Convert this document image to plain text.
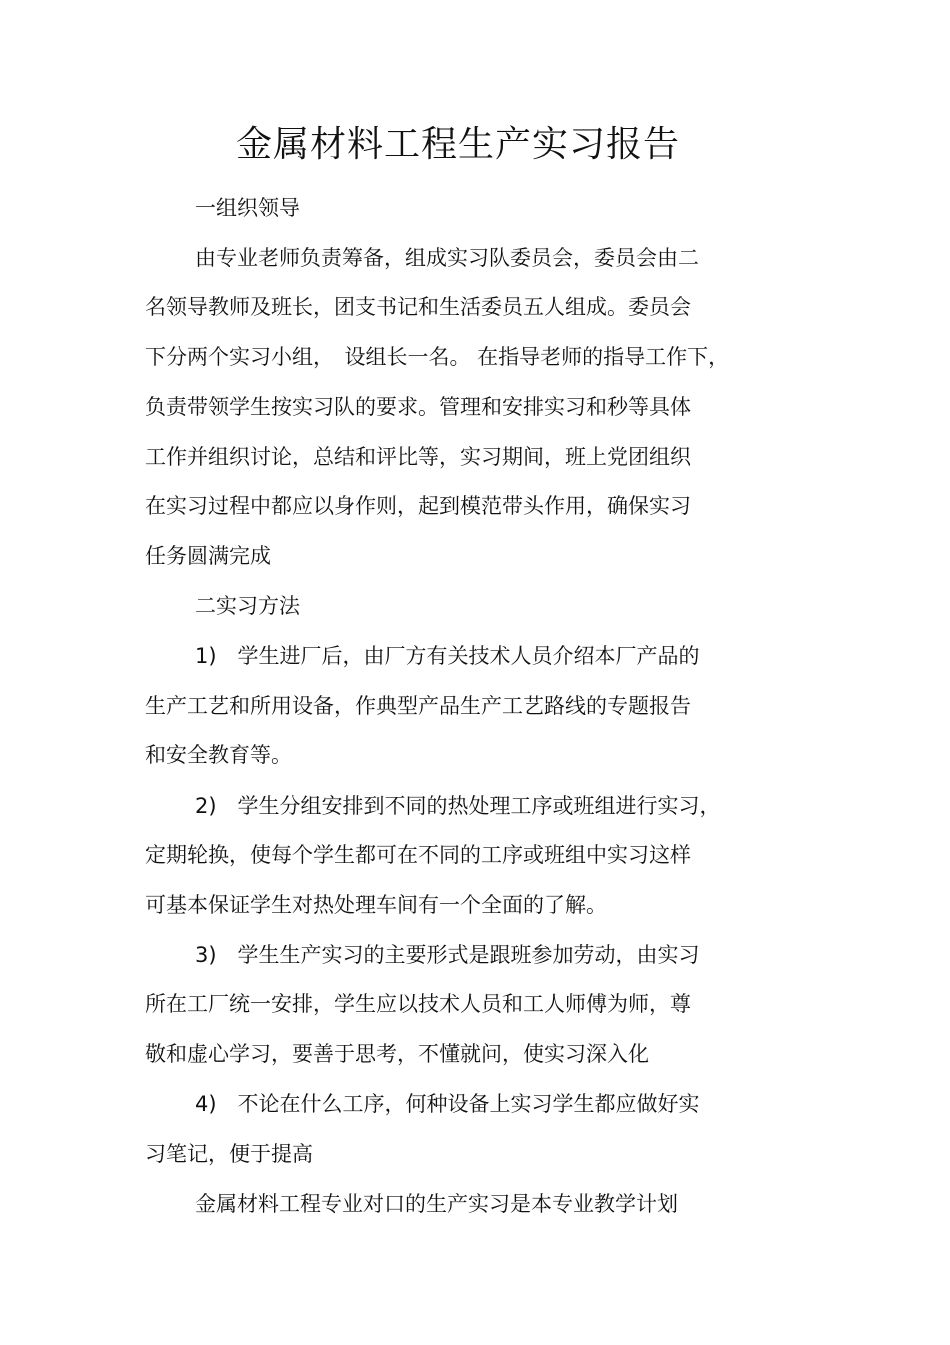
金属材料工程生产实习报告
一组织领导
由专业老师负责筹备，组成实习队委员会，委员会由二
名领导教师及班长，团支书记和生活委员五人组成。委员会
下分两个实习小组，　设组长一名。 在指导老师的指导工作下，
负责带领学生按实习队的要求。管理和安排实习和秒等具体
工作并组织讨论，总结和评比等，实习期间，班上党团组织
在实习过程中都应以身作则，起到模范带头作用，确保实习
任务圆满完成
二实习方法
1)　学生进厂后，由厂方有关技术人员介绍本厂产品的
生产工艺和所用设备，作典型产品生产工艺路线的专题报告
和安全教育等。
2)　学生分组安排到不同的热处理工序或班组进行实习，
定期轮换，使每个学生都可在不同的工序或班组中实习这样
可基本保证学生对热处理车间有一个全面的了解。
3)　学生生产实习的主要形式是跟班参加劳动，由实习
所在工厂统一安排，学生应以技术人员和工人师傅为师，尊
敬和虚心学习，要善于思考，不懂就问，使实习深入化
4)　不论在什么工序，何种设备上实习学生都应做好实
习笔记，便于提高
金属材料工程专业对口的生产实习是本专业教学计划
